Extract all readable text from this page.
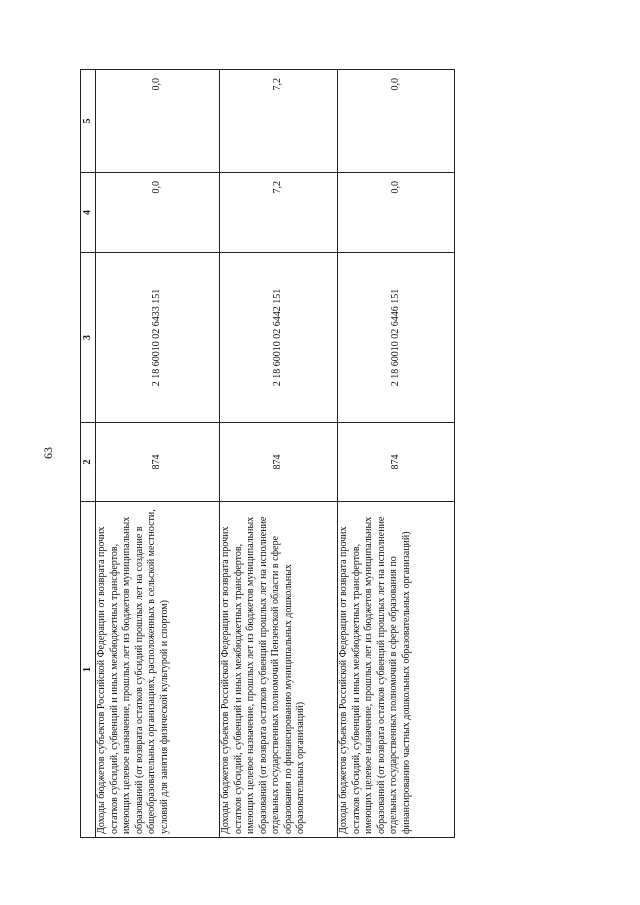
63
1	2	3	4	5
Доходы бюджетов субъектов Российской Федерации от возврата прочих остатков субсидий, субвенций и иных межбюджетных трансфертов, имеющих целевое назначение, прошлых лет из бюджетов муниципальных образований (от возврата остатков субсидий прошлых лет на создание в общеобразовательных организациях, расположенных в сельской местности, условий для занятия физической культурой и спортом)	874	2 18 60010 02 6433 151	0,0	0,0
Доходы бюджетов субъектов Российской Федерации от возврата прочих остатков субсидий, субвенций и иных межбюджетных трансфертов, имеющих целевое назначение, прошлых лет из бюджетов муниципальных образований (от возврата остатков субвенций прошлых лет на исполнение отдельных государственных полномочий Пензенской области в сфере образования по финансированию муниципальных дошкольных образовательных организаций)	874	2 18 60010 02 6442 151	7,2	7,2
Доходы бюджетов субъектов Российской Федерации от возврата прочих остатков субсидий, субвенций и иных межбюджетных трансфертов, имеющих целевое назначение, прошлых лет из бюджетов муниципальных образований (от возврата остатков субвенций прошлых лет на исполнение отдельных государственных полномочий в сфере образования по финансированию частных дошкольных образовательных организаций)	874	2 18 60010 02 6446 151	0,0	0,0
